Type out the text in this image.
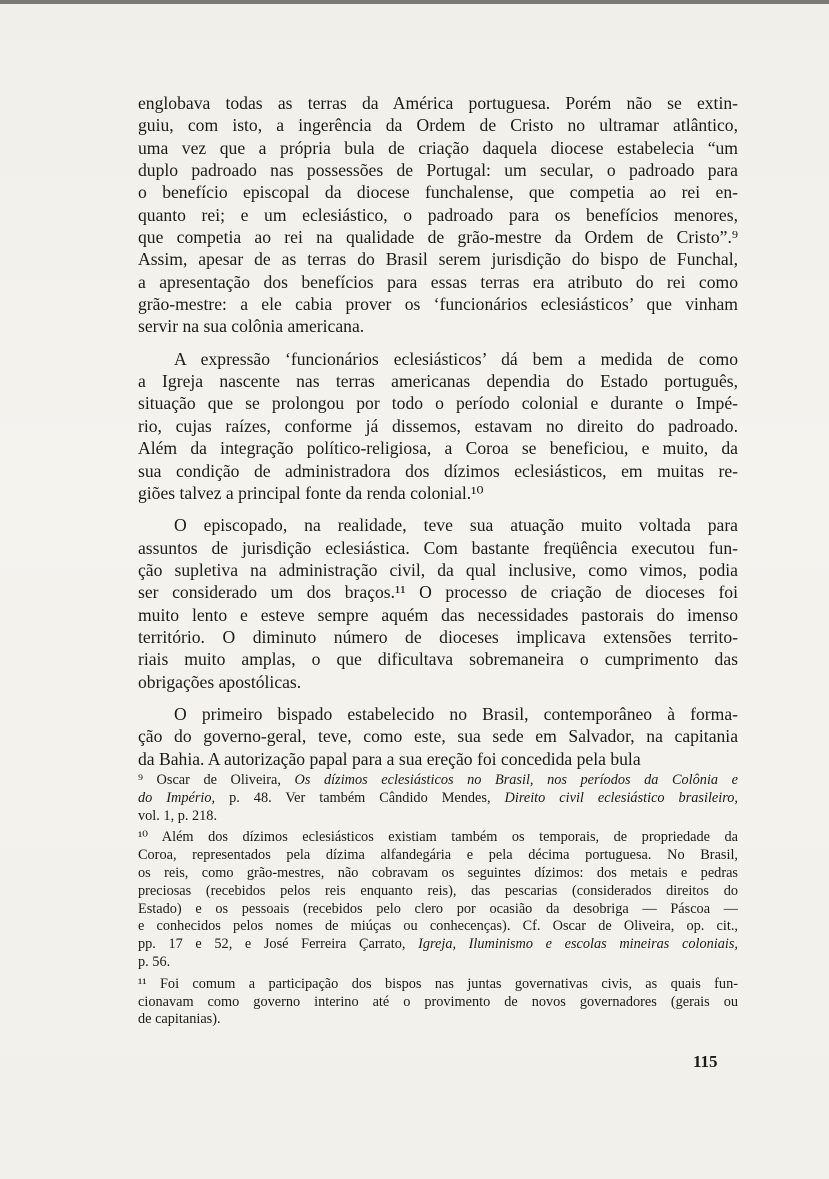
englobava todas as terras da América portuguesa. Porém não se extin-
guiu, com isto, a ingerência da Ordem de Cristo no ultramar atlântico,
uma vez que a própria bula de criação daquela diocese estabelecia “um
duplo padroado nas possessões de Portugal: um secular, o padroado para
o benefício episcopal da diocese funchalense, que competia ao rei en-
quanto rei; e um eclesiástico, o padroado para os benefícios menores,
que competia ao rei na qualidade de grão-mestre da Ordem de Cristo”.⁹
Assim, apesar de as terras do Brasil serem jurisdição do bispo de Funchal,
a apresentação dos benefícios para essas terras era atributo do rei como
grão-mestre: a ele cabia prover os ‘funcionários eclesiásticos’ que vinham
servir na sua colônia americana.
A expressão ‘funcionários eclesiásticos’ dá bem a medida de como
a Igreja nascente nas terras americanas dependia do Estado português,
situação que se prolongou por todo o período colonial e durante o Impé-
rio, cujas raízes, conforme já dissemos, estavam no direito do padroado.
Além da integração político-religiosa, a Coroa se beneficiou, e muito, da
sua condição de administradora dos dízimos eclesiásticos, em muitas re-
giões talvez a principal fonte da renda colonial.¹⁰
O episcopado, na realidade, teve sua atuação muito voltada para
assuntos de jurisdição eclesiástica. Com bastante freqüência executou fun-
ção supletiva na administração civil, da qual inclusive, como vimos, podia
ser considerado um dos braços.¹¹ O processo de criação de dioceses foi
muito lento e esteve sempre aquém das necessidades pastorais do imenso
território. O diminuto número de dioceses implicava extensões territo-
riais muito amplas, o que dificultava sobremaneira o cumprimento das
obrigações apostólicas.
O primeiro bispado estabelecido no Brasil, contemporâneo à forma-
ção do governo-geral, teve, como este, sua sede em Salvador, na capitania
da Bahia. A autorização papal para a sua ereção foi concedida pela bula
⁹ Oscar de Oliveira, Os dízimos eclesiásticos no Brasil, nos períodos da Colônia e
do Império, p. 48. Ver também Cândido Mendes, Direito civil eclesiástico brasileiro,
vol. 1, p. 218.
¹⁰ Além dos dízimos eclesiásticos existiam também os temporais, de propriedade da
Coroa, representados pela dízima alfandegária e pela décima portuguesa. No Brasil,
os reis, como grão-mestres, não cobravam os seguintes dízimos: dos metais e pedras
preciosas (recebidos pelos reis enquanto reis), das pescarias (considerados direitos do
Estado) e os pessoais (recebidos pelo clero por ocasião da desobriga — Páscoa —
e conhecidos pelos nomes de miúças ou conhecenças). Cf. Oscar de Oliveira, op. cit.,
pp. 17 e 52, e José Ferreira Çarrato, Igreja, Iluminismo e escolas mineiras coloniais,
p. 56.
¹¹ Foi comum a participação dos bispos nas juntas governativas civis, as quais fun-
cionavam como governo interino até o provimento de novos governadores (gerais ou
de capitanias).
115
